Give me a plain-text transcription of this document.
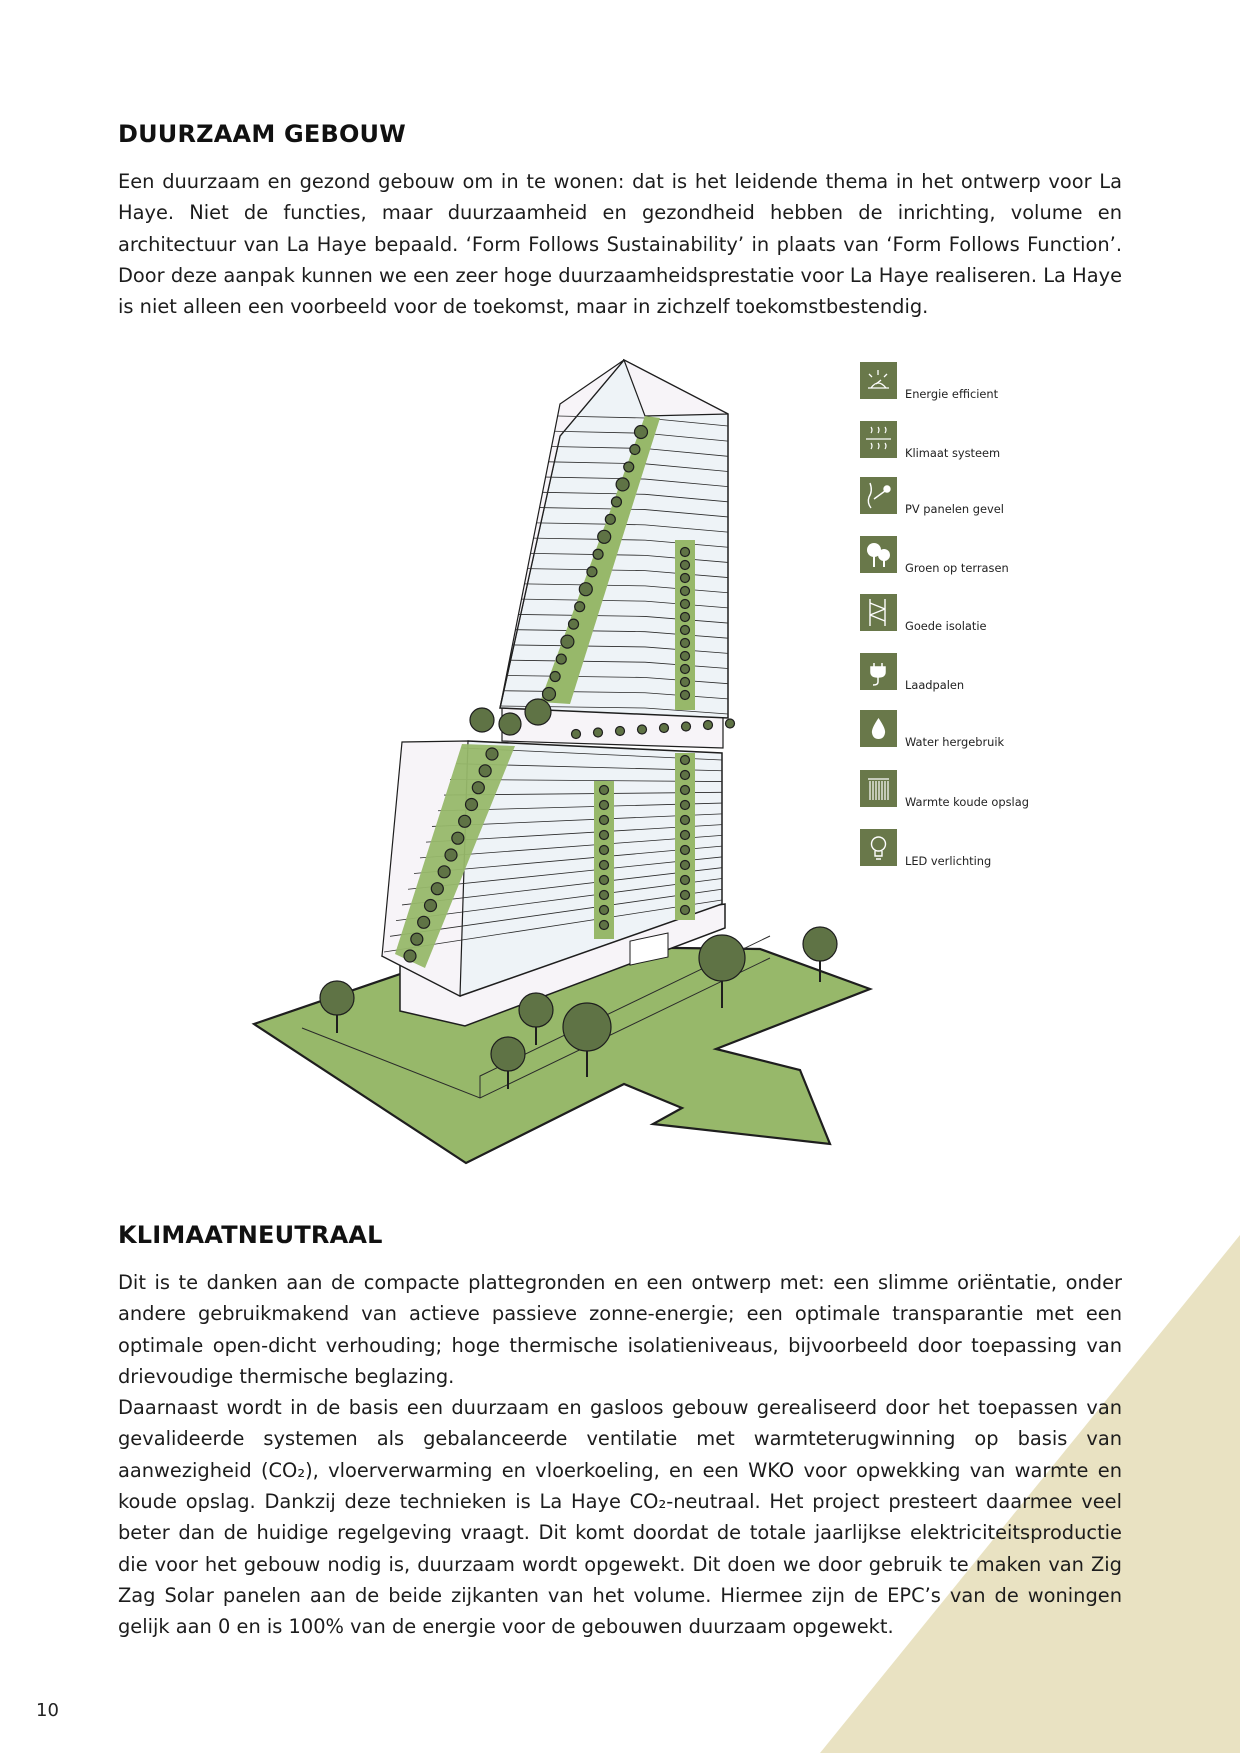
DUURZAAM GEBOUW

Een duurzaam en gezond gebouw om in te wonen: dat is het leidende thema in het ontwerp voor La Haye. Niet de functies, maar duurzaamheid en gezondheid hebben de inrichting, volume en architectuur van La Haye bepaald. ‘Form Follows Sustainability’ in plaats van ‘Form Follows Function’. Door deze aanpak kunnen we een zeer hoge duurzaamheidsprestatie voor La Haye realiseren. La Haye is niet alleen een voorbeeld voor de toekomst, maar in zichzelf toekomstbestendig.

Energie efficient
Klimaat systeem
PV panelen gevel
Groen op terrasen
Goede isolatie
Laadpalen
Water hergebruik
Warmte koude opslag
LED verlichting
KLIMAATNEUTRAAL

Dit is te danken aan de compacte plattegronden en een ontwerp met: een slimme oriëntatie, onder andere gebruikmakend van actieve passieve zonne-energie; een optimale transparantie met een optimale open-dicht verhouding; hoge thermische isolatieniveaus, bijvoorbeeld door toepassing van drievoudige thermische beglazing.

Daarnaast wordt in de basis een duurzaam en gasloos gebouw gerealiseerd door het toepassen van gevalideerde systemen als gebalanceerde ventilatie met warmteterugwinning op basis van aanwezigheid (CO₂), vloerverwarming en vloerkoeling, en een WKO voor opwekking van warmte en koude opslag. Dankzij deze technieken is La Haye CO₂-neutraal. Het project presteert daarmee veel beter dan de huidige regelgeving vraagt. Dit komt doordat de totale jaarlijkse elektriciteitsproductie die voor het gebouw nodig is, duurzaam wordt opgewekt. Dit doen we door gebruik te maken van Zig Zag Solar panelen aan de beide zijkanten van het volume. Hiermee zijn de EPC’s van de woningen gelijk aan 0 en is 100% van de energie voor de gebouwen duurzaam opgewekt.

10
